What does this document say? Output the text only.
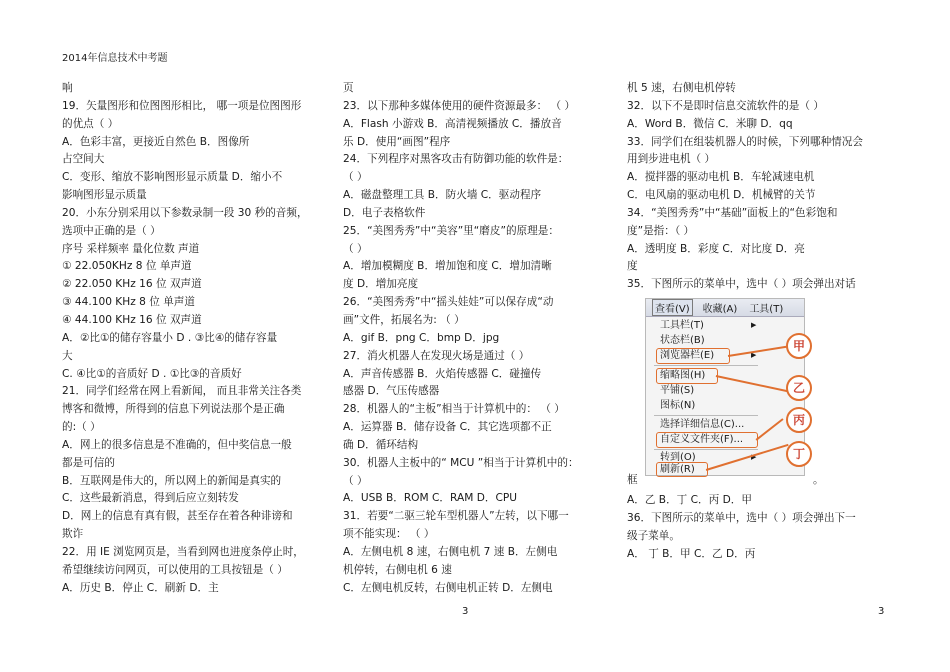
2014年信息技术中考题
响
19．矢量图形和位图图形相比， 哪一项是位图图形
的优点（ ）
A．色彩丰富，更接近自然色 B．图像所
占空间大
C．变形、缩放不影响图形显示质量 D．缩小不
影响图形显示质量
20．小东分别采用以下参数录制一段 30 秒的音频，
选项中正确的是（ ）
序号 采样频率 量化位数 声道
① 22.050KHz 8 位 单声道
② 22.050 KHz 16 位 双声道
③ 44.100 KHz 8 位 单声道
④ 44.100 KHz 16 位 双声道
A．②比①的储存容量小 D . ③比④的储存容量
大
C. ④比①的音质好 D . ①比③的音质好
21．同学们经常在网上看新闻， 而且非常关注各类
博客和微博，所得到的信息下列说法那个是正确
的:（ ）
A．网上的很多信息是不准确的，但中奖信息一般
都是可信的
B．互联网是伟大的，所以网上的新闻是真实的
C．这些最新消息，得到后应立刻转发
D．网上的信息有真有假，甚至存在着各种诽谤和
欺诈
22．用 IE 浏览网页是，当看到网也进度条停止时，
希望继续访问网页，可以使用的工具按钮是（ ）
A．历史 B．停止 C．刷新 D．主
页
23．以下那种多媒体使用的硬件资源最多： （ ）
A．Flash 小游戏 B．高清视频播放 C．播放音
乐 D．使用“画图”程序
24．下列程序对黑客攻击有防御功能的软件是：
（ ）
A．磁盘整理工具 B．防火墙 C．驱动程序
D．电子表格软件
25．“美图秀秀”中“美容”里“磨皮”的原理是：
（ ）
A．增加模糊度 B．增加饱和度 C．增加清晰
度 D．增加亮度
26．“美图秀秀”中“摇头娃娃”可以保存成“动
画”文件，拓展名为: （ ）
A．gif B．png C．bmp D．jpg
27．消火机器人在发现火场是通过（ ）
A．声音传感器 B．火焰传感器 C．碰撞传
感器 D．气压传感器
28．机器人的“主板”相当于计算机中的： （ ）
A．运算器 B．储存设备 C．其它选项都不正
确 D．循环结构
30．机器人主板中的“ MCU ”相当于计算机中的：
（ ）
A．USB B．ROM C．RAM D．CPU
31．若要“二驱三轮车型机器人”左转，以下哪一
项不能实现： （ ）
A．左侧电机 8 速，右侧电机 7 速 B．左侧电
机停转，右侧电机 6 速
C．左侧电机反转，右侧电机正转 D．左侧电
机 5 速，右侧电机停转
32．以下不是即时信息交流软件的是（ ）
A．Word B．微信 C．米聊 D．qq
33．同学们在组装机器人的时候，下列哪种情况会
用到步进电机（ ）
A．搅拌器的驱动电机 B．车轮减速电机
C．电风扇的驱动电机 D．机械臂的关节
34．“美图秀秀”中“基础”面板上的“色彩饱和
度”是指：（ ）
A．透明度 B．彩度 C．对比度 D．亮
度
35．下图所示的菜单中，选中（ ）项会弹出对话
框	。
A．乙 B．丁 C．丙 D．甲
36．下图所示的菜单中，选中（ ）项会弹出下一
级子菜单。
A． 丁 B．甲 C．乙 D．丙
查看(V)	收藏(A) 工具(T)
工具栏(T)	▶
状态栏(B)
浏览器栏(E)	▶
缩略图(H)
平铺(S)
图标(N)
选择详细信息(C)...
自定义文件夹(F)...
转到(O)	▶
刷新(R)
甲
乙
丙
丁
3	3
